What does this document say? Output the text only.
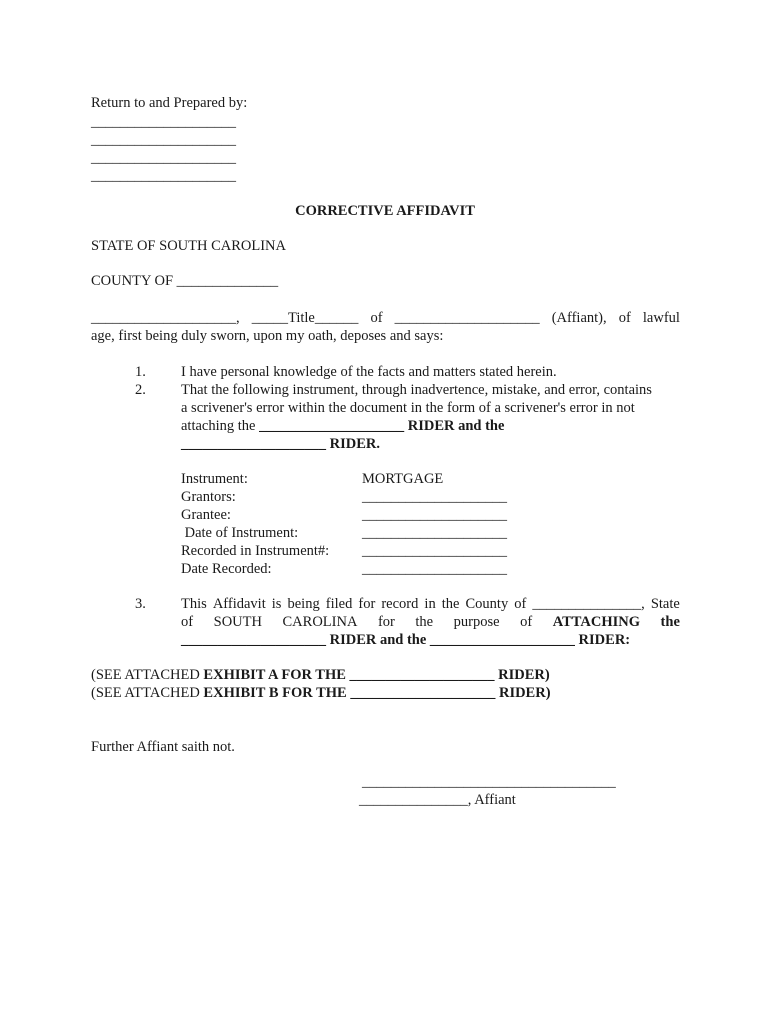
Return to and Prepared by:
____________________
____________________
____________________
____________________
CORRECTIVE AFFIDAVIT
STATE OF SOUTH CAROLINA
COUNTY OF ______________
____________________, _____Title______ of ____________________ (Affiant), of lawful
age, first being duly sworn, upon my oath, deposes and says:
1. I have personal knowledge of the facts and matters stated herein.
2. That the following instrument, through inadvertence, mistake, and error, contains
a scrivener's error within the document in the form of a scrivener's error in not
attaching the ____________________ RIDER and the
____________________ RIDER.
Instrument:	MORTGAGE
Grantors:	____________________
Grantee:	____________________
Date of Instrument:	____________________
Recorded in Instrument#: ____________________
Date Recorded:	____________________
3. This Affidavit is being filed for record in the County of _______________, State
of SOUTH CAROLINA for the purpose of ATTACHING the
____________________ RIDER and the ____________________ RIDER:
(SEE ATTACHED EXHIBIT A FOR THE ____________________ RIDER)
(SEE ATTACHED EXHIBIT B FOR THE ____________________ RIDER)
Further Affiant saith not.
___________________________________
_______________, Affiant
